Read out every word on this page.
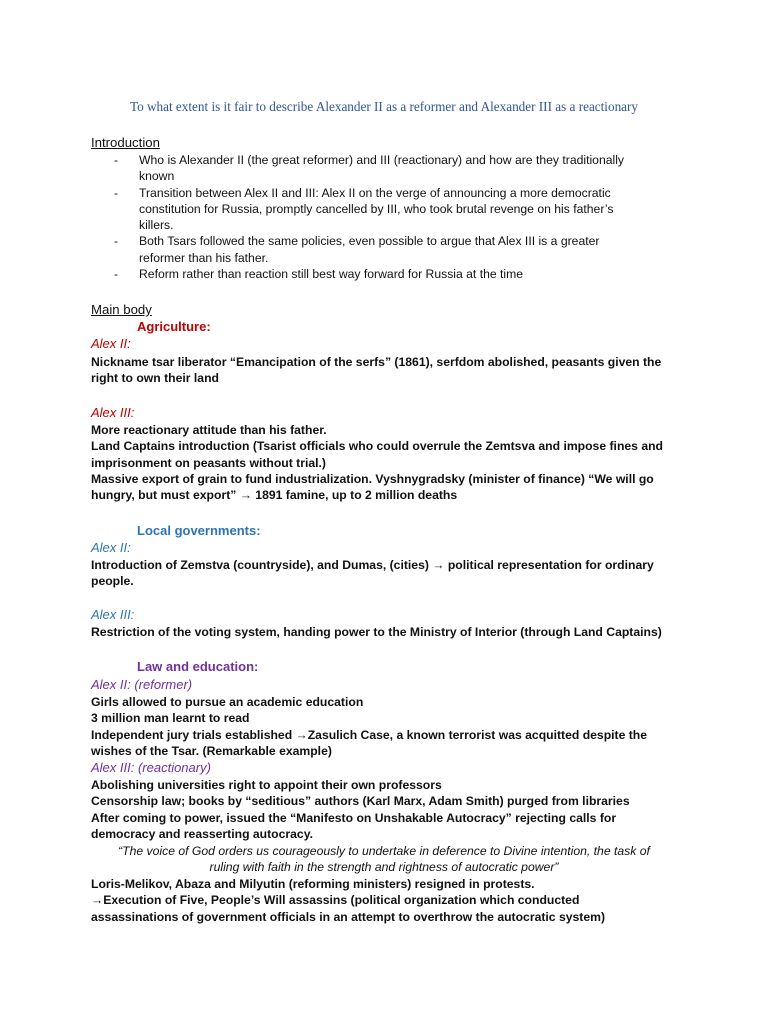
To what extent is it fair to describe Alexander II as a reformer and Alexander III as a reactionary
Introduction
-	Who is Alexander II (the great reformer) and III (reactionary) and how are they traditionally
known
-	Transition between Alex II and III: Alex II on the verge of announcing a more democratic
constitution for Russia, promptly cancelled by III, who took brutal revenge on his father’s
killers.
-	Both Tsars followed the same policies, even possible to argue that Alex III is a greater
reformer than his father.
-	Reform rather than reaction still best way forward for Russia at the time
Main body
Agriculture:
Alex II:
Nickname tsar liberator “Emancipation of the serfs” (1861), serfdom abolished, peasants given the
right to own their land
Alex III:
More reactionary attitude than his father.
Land Captains introduction (Tsarist officials who could overrule the Zemtsva and impose fines and
imprisonment on peasants without trial.)
Massive export of grain to fund industrialization. Vyshnygradsky (minister of finance) “We will go
hungry, but must export” → 1891 famine, up to 2 million deaths
Local governments:
Alex II:
Introduction of Zemstva (countryside), and Dumas, (cities) → political representation for ordinary
people.
Alex III:
Restriction of the voting system, handing power to the Ministry of Interior (through Land Captains)
Law and education:
Alex II: (reformer)
Girls allowed to pursue an academic education
3 million man learnt to read
Independent jury trials established →Zasulich Case, a known terrorist was acquitted despite the
wishes of the Tsar. (Remarkable example)
Alex III: (reactionary)
Abolishing universities right to appoint their own professors
Censorship law; books by “seditious” authors (Karl Marx, Adam Smith) purged from libraries
After coming to power, issued the “Manifesto on Unshakable Autocracy” rejecting calls for
democracy and reasserting autocracy.
“The voice of God orders us courageously to undertake in deference to Divine intention, the task of
ruling with faith in the strength and rightness of autocratic power”
Loris-Melikov, Abaza and Milyutin (reforming ministers) resigned in protests.
→Execution of Five, People’s Will assassins (political organization which conducted
assassinations of government officials in an attempt to overthrow the autocratic system)
